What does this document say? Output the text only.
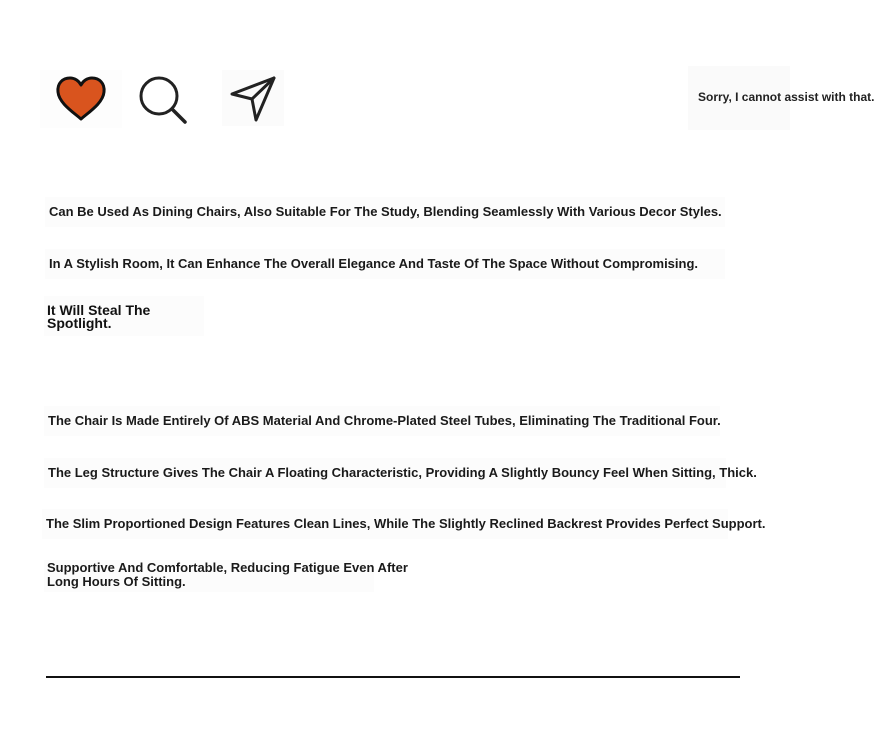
Sorry, I cannot assist with that.
Can Be Used As Dining Chairs, Also Suitable For The Study, Blending Seamlessly With Various Decor Styles.
In A Stylish Room, It Can Enhance The Overall Elegance And Taste Of The Space Without Compromising.
It Will Steal The
Spotlight.
The Chair Is Made Entirely Of ABS Material And Chrome-Plated Steel Tubes, Eliminating The Traditional Four.
The Leg Structure Gives The Chair A Floating Characteristic, Providing A Slightly Bouncy Feel When Sitting, Thick.
The Slim Proportioned Design Features Clean Lines, While The Slightly Reclined Backrest Provides Perfect Support.
Supportive And Comfortable, Reducing Fatigue Even After
Long Hours Of Sitting.
